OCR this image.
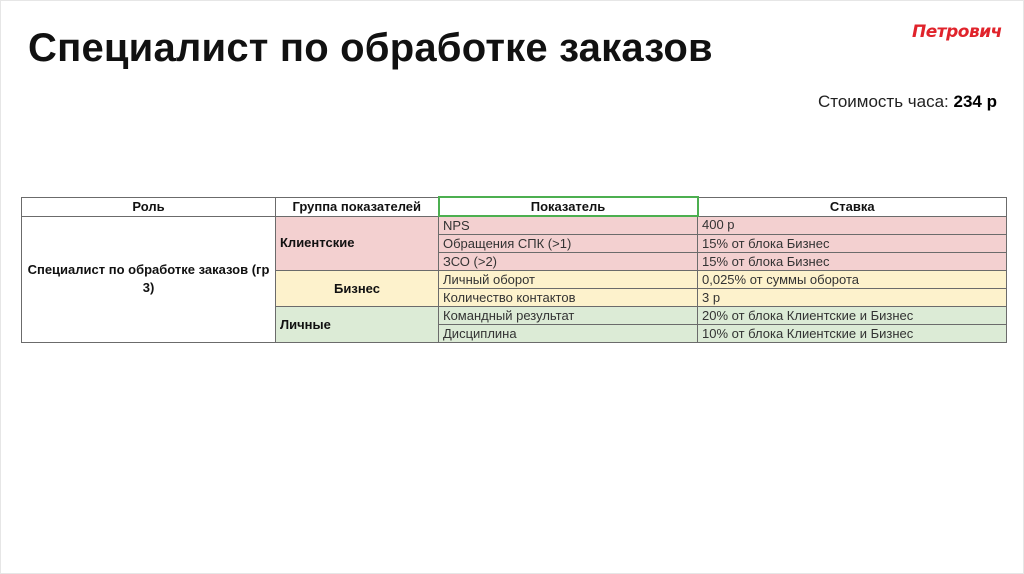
Специалист по обработке заказов	Петрович
Стоимость часа: 234 р
Роль	Группа показателей	Показатель	Ставка
Специалист по обработке заказов (гр 3)	Клиентские	NPS	400 р
		Обращения СПК (>1)	15% от блока Бизнес
		ЗСО (>2)	15% от блока Бизнес
	Бизнес	Личный оборот	0,025% от суммы оборота
		Количество контактов	3 р
	Личные	Командный результат	20% от блока Клиентские и Бизнес
		Дисциплина	10% от блока Клиентские и Бизнес
